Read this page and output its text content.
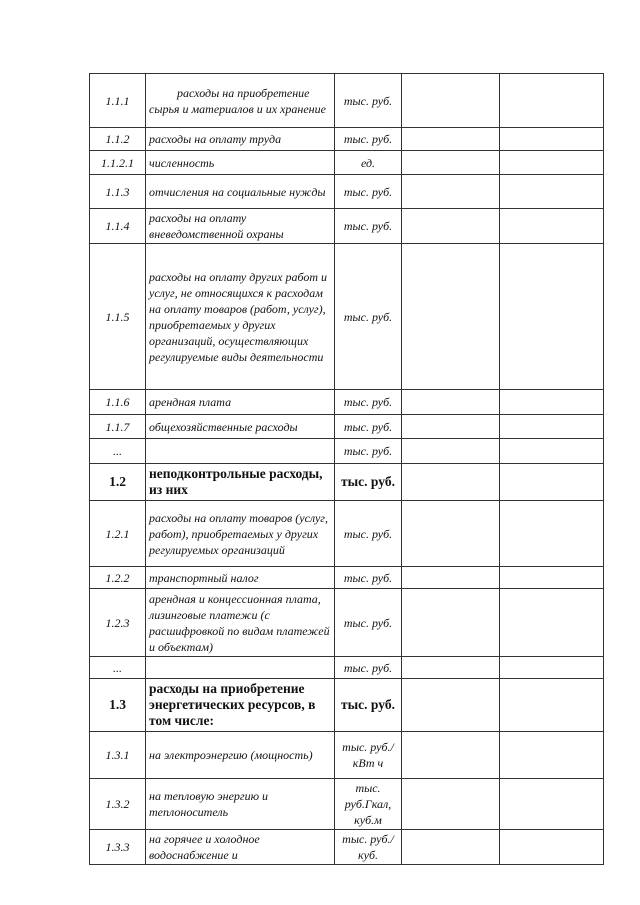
1.1.1	расходы на приобретение сырья и материалов и их хранение	тыс. руб.		
1.1.2	расходы на оплату труда	тыс. руб.		
1.1.2.1	численность	ед.		
1.1.3	отчисления на социальные нужды	тыс. руб.		
1.1.4	расходы на оплату вневедомственной охраны	тыс. руб.		
1.1.5	расходы на оплату других работ и услуг, не относящихся к расходам на оплату товаров (работ, услуг), приобретаемых у других организаций, осуществляющих регулируемые виды деятельности	тыс. руб.		
1.1.6	арендная плата	тыс. руб.		
1.1.7	общехозяйственные расходы	тыс. руб.		
...		тыс. руб.		
1.2	неподконтрольные расходы, из них	тыс. руб.		
1.2.1	расходы на оплату товаров (услуг, работ), приобретаемых у других регулируемых организаций	тыс. руб.		
1.2.2	транспортный налог	тыс. руб.		
1.2.3	арендная и концессионная плата, лизинговые платежи (с расшифровкой по видам платежей и объектам)	тыс. руб.		
...		тыс. руб.		
1.3	расходы на приобретение энергетических ресурсов, в том числе:	тыс. руб.		
1.3.1	на электроэнергию (мощность)	тыс. руб./кВт ч		
1.3.2	на тепловую энергию и теплоноситель	тыс. руб.Гкал, куб.м		
1.3.3	на горячее и холодное водоснабжение и	тыс. руб./куб.		
